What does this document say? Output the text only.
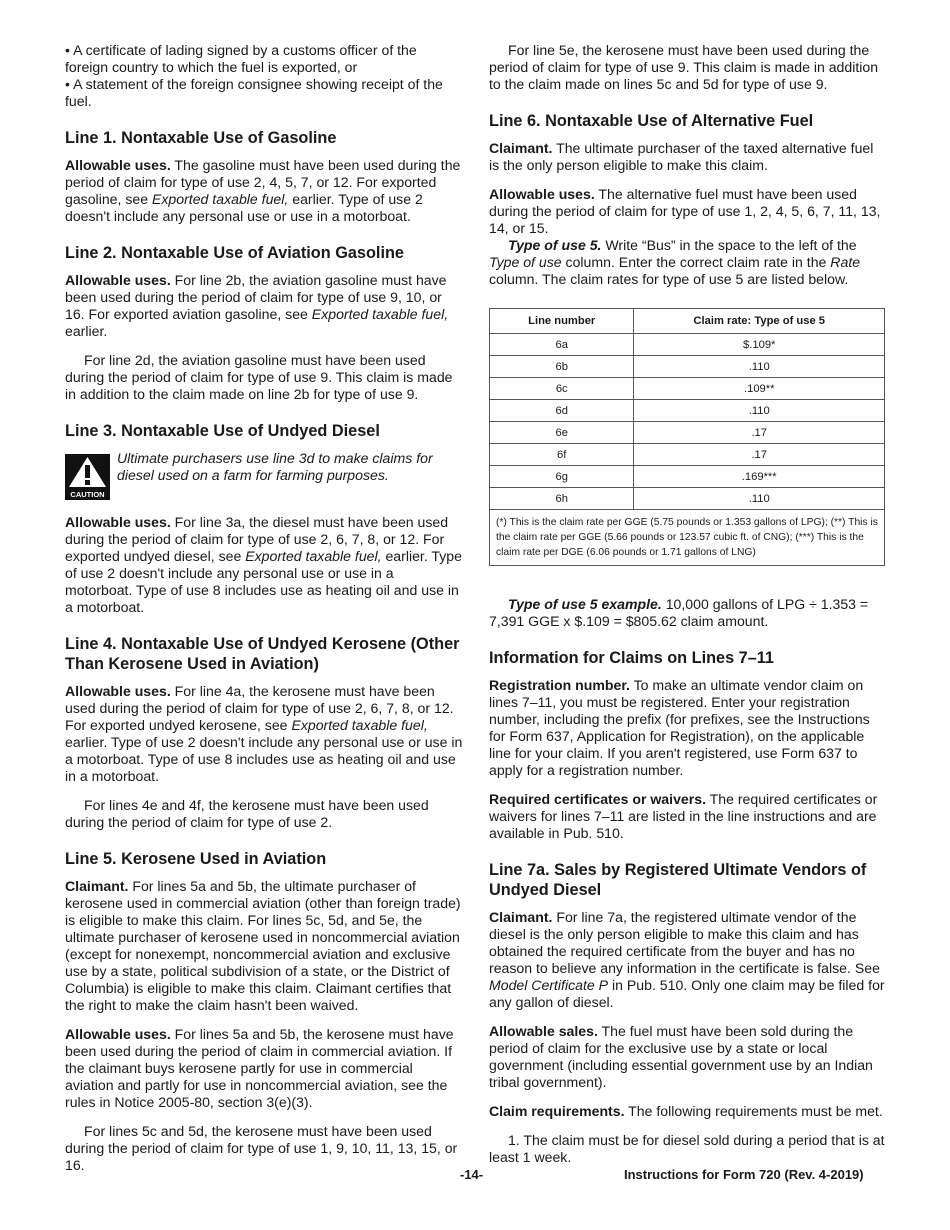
• A certificate of lading signed by a customs officer of the foreign country to which the fuel is exported, or

• A statement of the foreign consignee showing receipt of the fuel.

Line 1. Nontaxable Use of Gasoline

Allowable uses. The gasoline must have been used during the period of claim for type of use 2, 4, 5, 7, or 12. For exported gasoline, see Exported taxable fuel, earlier. Type of use 2 doesn't include any personal use or use in a motorboat.

Line 2. Nontaxable Use of Aviation Gasoline

Allowable uses. For line 2b, the aviation gasoline must have been used during the period of claim for type of use 9, 10, or 16. For exported aviation gasoline, see Exported taxable fuel, earlier.

For line 2d, the aviation gasoline must have been used during the period of claim for type of use 9. This claim is made in addition to the claim made on line 2b for type of use 9.

Line 3. Nontaxable Use of Undyed Diesel
CAUTION

Ultimate purchasers use line 3d to make claims for diesel used on a farm for farming purposes.

Allowable uses. For line 3a, the diesel must have been used during the period of claim for type of use 2, 6, 7, 8, or 12. For exported undyed diesel, see Exported taxable fuel, earlier. Type of use 2 doesn't include any personal use or use in a motorboat. Type of use 8 includes use as heating oil and use in a motorboat.

Line 4. Nontaxable Use of Undyed Kerosene (Other Than Kerosene Used in Aviation)

Allowable uses. For line 4a, the kerosene must have been used during the period of claim for type of use 2, 6, 7, 8, or 12. For exported undyed kerosene, see Exported taxable fuel, earlier. Type of use 2 doesn't include any personal use or use in a motorboat. Type of use 8 includes use as heating oil and use in a motorboat.

For lines 4e and 4f, the kerosene must have been used during the period of claim for type of use 2.

Line 5. Kerosene Used in Aviation

Claimant. For lines 5a and 5b, the ultimate purchaser of kerosene used in commercial aviation (other than foreign trade) is eligible to make this claim. For lines 5c, 5d, and 5e, the ultimate purchaser of kerosene used in noncommercial aviation (except for nonexempt, noncommercial aviation and exclusive use by a state, political subdivision of a state, or the District of Columbia) is eligible to make this claim. Claimant certifies that the right to make the claim hasn't been waived.

Allowable uses. For lines 5a and 5b, the kerosene must have been used during the period of claim in commercial aviation. If the claimant buys kerosene partly for use in commercial aviation and partly for use in noncommercial aviation, see the rules in Notice 2005-80, section 3(e)(3).

For lines 5c and 5d, the kerosene must have been used during the period of claim for type of use 1, 9, 10, 11, 13, 15, or 16.

For line 5e, the kerosene must have been used during the period of claim for type of use 9. This claim is made in addition to the claim made on lines 5c and 5d for type of use 9.

Line 6. Nontaxable Use of Alternative Fuel

Claimant. The ultimate purchaser of the taxed alternative fuel is the only person eligible to make this claim.

Allowable uses. The alternative fuel must have been used during the period of claim for type of use 1, 2, 4, 5, 6, 7, 11, 13, 14, or 15.

Type of use 5. Write “Bus” in the space to the left of the Type of use column. Enter the correct claim rate in the Rate column. The claim rates for type of use 5 are listed below.

Line number	Claim rate: Type of use 5
6a	$.109*
6b	.110
6c	.109**
6d	.110
6e	.17
6f	.17
6g	.169***
6h	.110
(*) This is the claim rate per GGE (5.75 pounds or 1.353 gallons of LPG); (**) This is the claim rate per GGE (5.66 pounds or 123.57 cubic ft. of CNG); (***) This is the claim rate per DGE (6.06 pounds or 1.71 gallons of LNG)	

Type of use 5 example. 10,000 gallons of LPG ÷ 1.353 = 7,391 GGE x $.109 = $805.62 claim amount.

Information for Claims on Lines 7–11

Registration number. To make an ultimate vendor claim on lines 7–11, you must be registered. Enter your registration number, including the prefix (for prefixes, see the Instructions for Form 637, Application for Registration), on the applicable line for your claim. If you aren't registered, use Form 637 to apply for a registration number.

Required certificates or waivers. The required certificates or waivers for lines 7–11 are listed in the line instructions and are available in Pub. 510.

Line 7a. Sales by Registered Ultimate Vendors of Undyed Diesel

Claimant. For line 7a, the registered ultimate vendor of the diesel is the only person eligible to make this claim and has obtained the required certificate from the buyer and has no reason to believe any information in the certificate is false. See Model Certificate P in Pub. 510. Only one claim may be filed for any gallon of diesel.

Allowable sales. The fuel must have been sold during the period of claim for the exclusive use by a state or local government (including essential government use by an Indian tribal government).

Claim requirements. The following requirements must be met.

1. The claim must be for diesel sold during a period that is at least 1 week.

-14-	Instructions for Form 720 (Rev. 4-2019)
